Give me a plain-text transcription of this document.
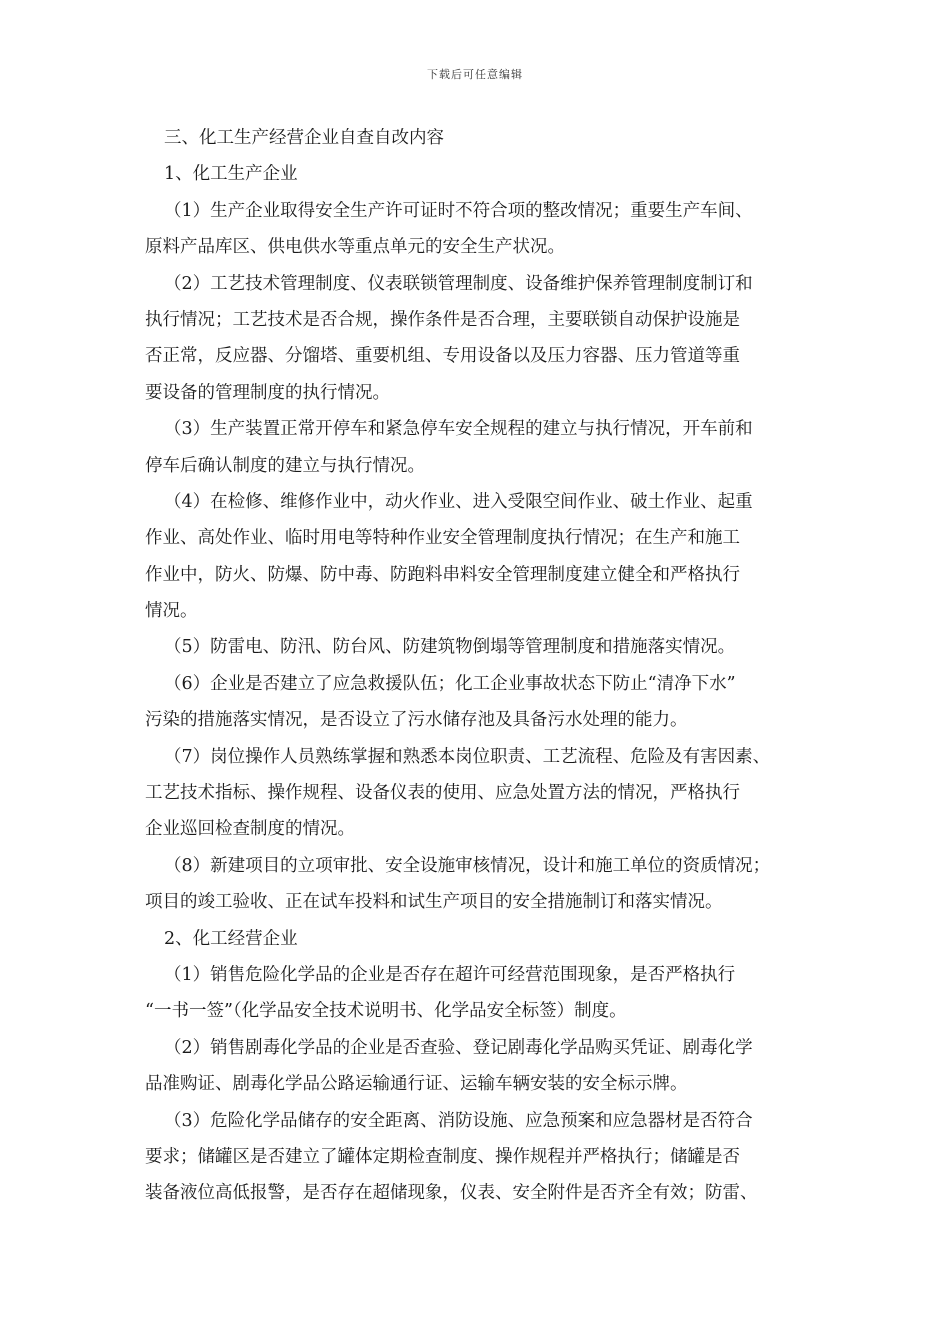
下载后可任意编辑
三、化工生产经营企业自查自改内容
1、化工生产企业
（1）生产企业取得安全生产许可证时不符合项的整改情况；重要生产车间、
原料产品库区、供电供水等重点单元的安全生产状况。
（2）工艺技术管理制度、仪表联锁管理制度、设备维护保养管理制度制订和
执行情况；工艺技术是否合规，操作条件是否合理，主要联锁自动保护设施是
否正常，反应器、分馏塔、重要机组、专用设备以及压力容器、压力管道等重
要设备的管理制度的执行情况。
（3）生产装置正常开停车和紧急停车安全规程的建立与执行情况，开车前和
停车后确认制度的建立与执行情况。
（4）在检修、维修作业中，动火作业、进入受限空间作业、破土作业、起重
作业、高处作业、临时用电等特种作业安全管理制度执行情况；在生产和施工
作业中，防火、防爆、防中毒、防跑料串料安全管理制度建立健全和严格执行
情况。
（5）防雷电、防汛、防台风、防建筑物倒塌等管理制度和措施落实情况。
（6）企业是否建立了应急救援队伍；化工企业事故状态下防止“清净下水”
污染的措施落实情况，是否设立了污水储存池及具备污水处理的能力。
（7）岗位操作人员熟练掌握和熟悉本岗位职责、工艺流程、危险及有害因素、
工艺技术指标、操作规程、设备仪表的使用、应急处置方法的情况，严格执行
企业巡回检查制度的情况。
（8）新建项目的立项审批、安全设施审核情况，设计和施工单位的资质情况；
项目的竣工验收、正在试车投料和试生产项目的安全措施制订和落实情况。
2、化工经营企业
（1）销售危险化学品的企业是否存在超许可经营范围现象，是否严格执行
“一书一签”（化学品安全技术说明书、化学品安全标签）制度。
（2）销售剧毒化学品的企业是否查验、登记剧毒化学品购买凭证、剧毒化学
品准购证、剧毒化学品公路运输通行证、运输车辆安装的安全标示牌。
（3）危险化学品储存的安全距离、消防设施、应急预案和应急器材是否符合
要求；储罐区是否建立了罐体定期检查制度、操作规程并严格执行；储罐是否
装备液位高低报警，是否存在超储现象，仪表、安全附件是否齐全有效；防雷、
